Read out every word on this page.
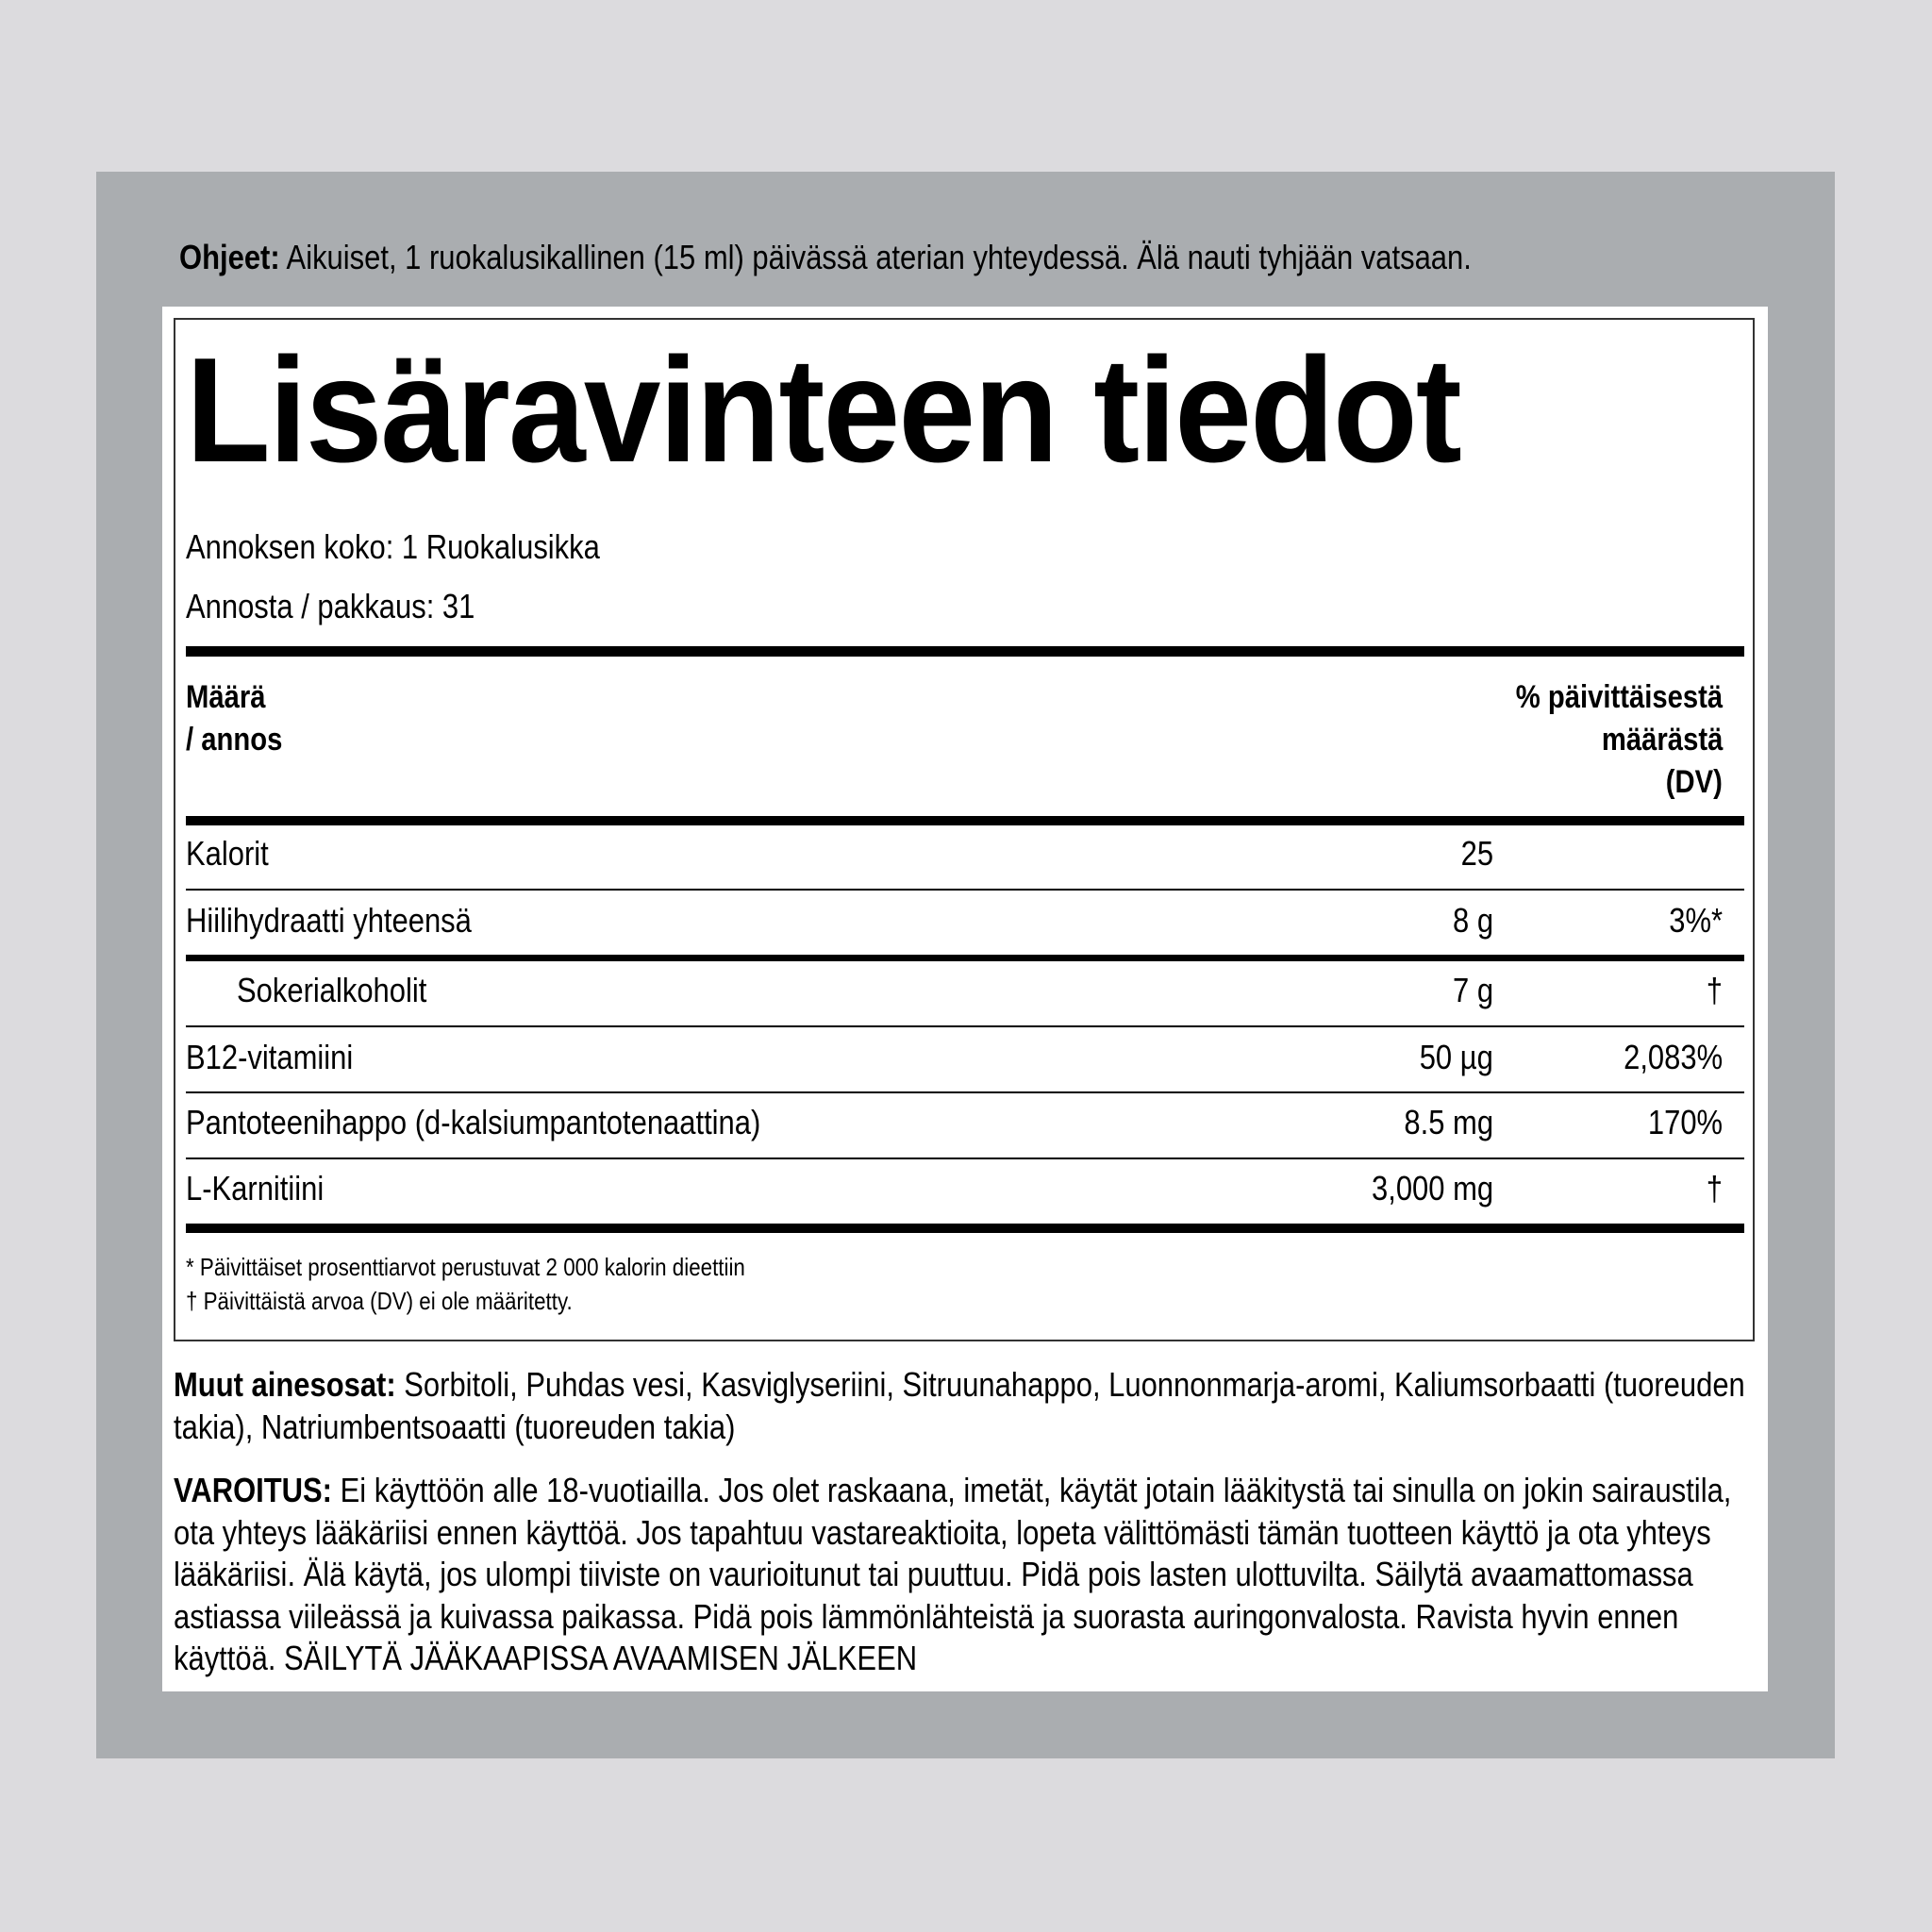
Ohjeet: Aikuiset, 1 ruokalusikallinen (15 ml) päivässä aterian yhteydessä. Älä nauti tyhjään vatsaan.
Lisäravinteen tiedot
Annoksen koko: 1 Ruokalusikka
Annosta / pakkaus: 31
Määrä
/ annos
% päivittäisestä
määrästä
(DV)
Kalorit	25
Hiilihydraatti yhteensä	8 g	3%*
Sokerialkoholit	7 g	†
B12-vitamiini	50 µg	2,083%
Pantoteenihappo (d-kalsiumpantotenaattina)	8.5 mg	170%
L-Karnitiini	3,000 mg	†
* Päivittäiset prosenttiarvot perustuvat 2 000 kalorin dieettiin
† Päivittäistä arvoa (DV) ei ole määritetty.
Muut ainesosat: Sorbitoli, Puhdas vesi, Kasviglyseriini, Sitruunahappo, Luonnonmarja-aromi, Kaliumsorbaatti (tuoreuden takia), Natriumbentsoaatti (tuoreuden takia)
VAROITUS: Ei käyttöön alle 18-vuotiailla. Jos olet raskaana, imetät, käytät jotain lääkitystä tai sinulla on jokin sairaustila, ota yhteys lääkäriisi ennen käyttöä. Jos tapahtuu vastareaktioita, lopeta välittömästi tämän tuotteen käyttö ja ota yhteys lääkäriisi. Älä käytä, jos ulompi tiiviste on vaurioitunut tai puuttuu. Pidä pois lasten ulottuvilta. Säilytä avaamattomassa astiassa viileässä ja kuivassa paikassa. Pidä pois lämmönlähteistä ja suorasta auringonvalosta. Ravista hyvin ennen käyttöä. SÄILYTÄ JÄÄKAAPISSA AVAAMISEN JÄLKEEN
